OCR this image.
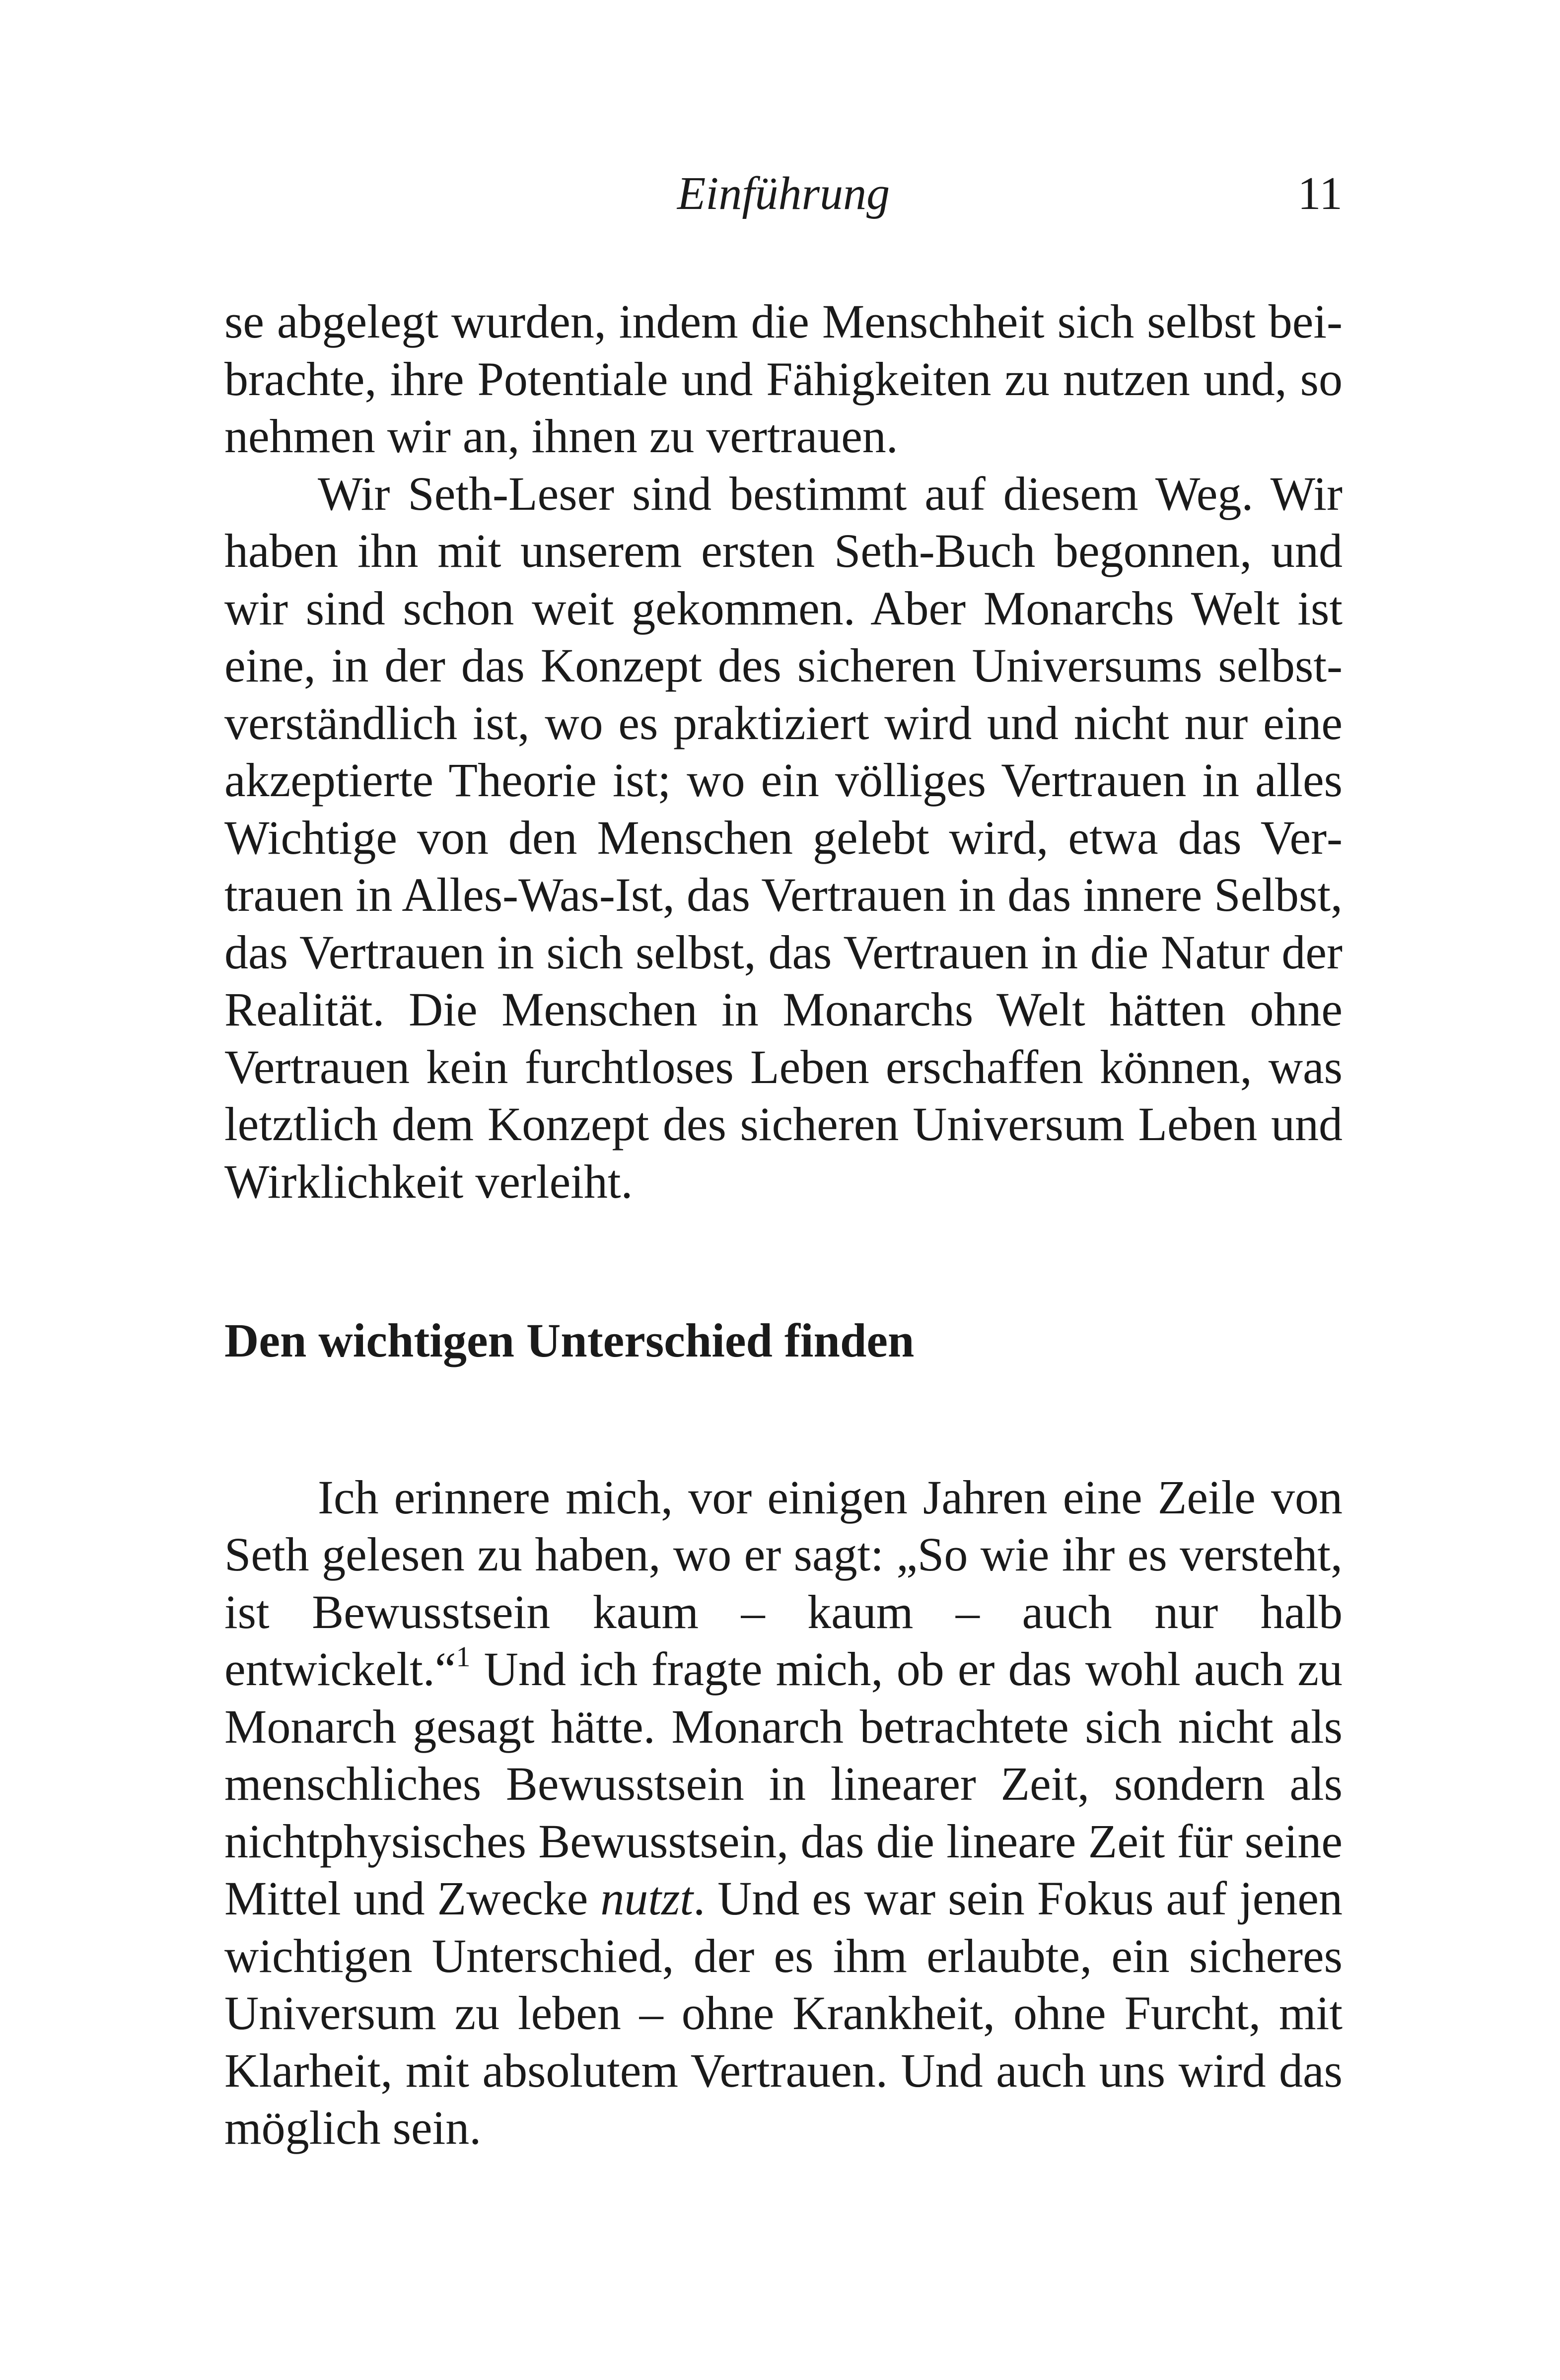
Einführung	11

se abgelegt wurden, indem die Menschheit sich selbst beibrachte, ihre Potentiale und Fähigkeiten zu nutzen und, so nehmen wir an, ihnen zu vertrauen.

Wir Seth-Leser sind bestimmt auf diesem Weg. Wir haben ihn mit unserem ersten Seth-Buch begonnen, und wir sind schon weit gekommen. Aber Monarchs Welt ist eine, in der das Konzept des sicheren Universums selbstverständlich ist, wo es praktiziert wird und nicht nur eine akzeptierte Theorie ist; wo ein völliges Vertrauen in alles Wichtige von den Menschen gelebt wird, etwa das Vertrauen in Alles-Was-Ist, das Vertrauen in das innere Selbst, das Vertrauen in sich selbst, das Vertrauen in die Natur der Realität. Die Menschen in Monarchs Welt hätten ohne Vertrauen kein furchtloses Leben erschaffen können, was letztlich dem Konzept des sicheren Universum Leben und Wirklichkeit verleiht.

Den wichtigen Unterschied finden

Ich erinnere mich, vor einigen Jahren eine Zeile von Seth gelesen zu haben, wo er sagt: „So wie ihr es versteht, ist Bewusstsein kaum – kaum – auch nur halb entwickelt.“$^1$ Und ich fragte mich, ob er das wohl auch zu Monarch gesagt hätte. Monarch betrachtete sich nicht als menschliches Bewusstsein in linearer Zeit, sondern als nichtphysisches Bewusstsein, das die lineare Zeit für seine Mittel und Zwecke nutzt. Und es war sein Fokus auf jenen wichtigen Unterschied, der es ihm erlaubte, ein sicheres Universum zu leben – ohne Krankheit, ohne Furcht, mit Klarheit, mit absolutem Vertrauen. Und auch uns wird das möglich sein.
